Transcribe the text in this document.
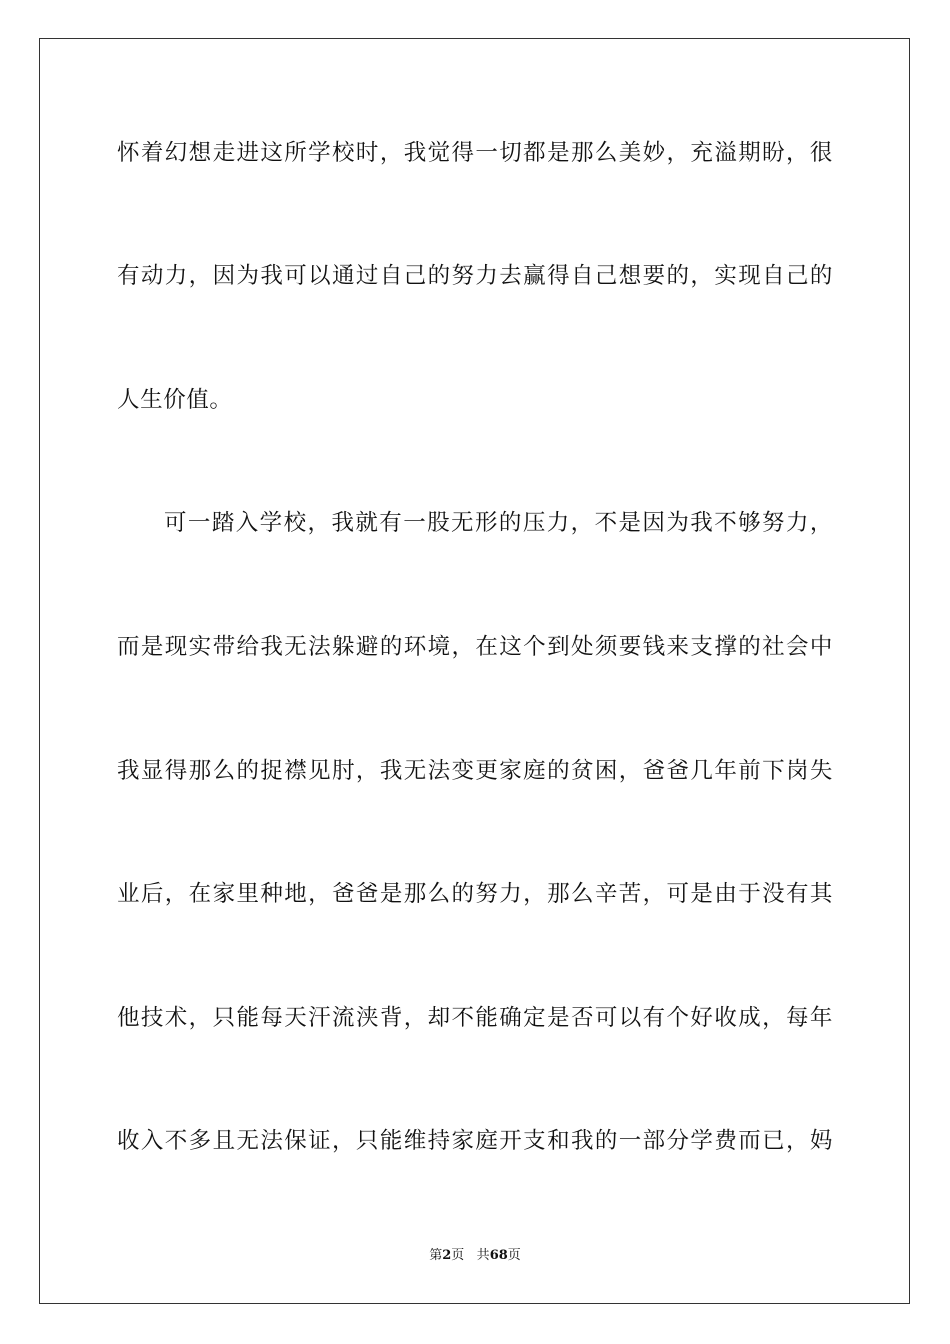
怀着幻想走进这所学校时，我觉得一切都是那么美妙，充溢期盼，很
有动力，因为我可以通过自己的努力去赢得自己想要的，实现自己的
人生价值。
可一踏入学校，我就有一股无形的压力，不是因为我不够努力，
而是现实带给我无法躲避的环境，在这个到处须要钱来支撑的社会中
我显得那么的捉襟见肘，我无法变更家庭的贫困，爸爸几年前下岗失
业后，在家里种地，爸爸是那么的努力，那么辛苦，可是由于没有其
他技术，只能每天汗流浃背，却不能确定是否可以有个好收成，每年
收入不多且无法保证，只能维持家庭开支和我的一部分学费而已，妈
第2页 共68页
